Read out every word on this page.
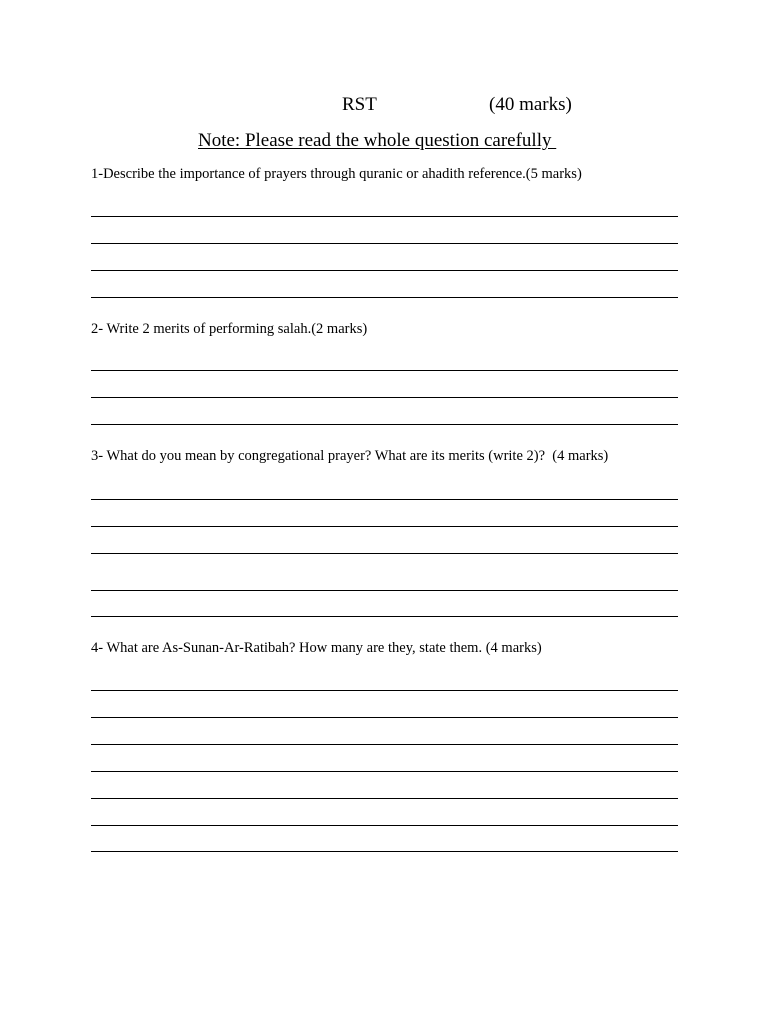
RST	(40 marks)
Note: Please read the whole question carefully
1-Describe the importance of prayers through quranic or ahadith reference.(5 marks)
2- Write 2 merits of performing salah.(2 marks)
3- What do you mean by congregational prayer? What are its merits (write 2)?  (4 marks)
4- What are As-Sunan-Ar-Ratibah? How many are they, state them. (4 marks)
